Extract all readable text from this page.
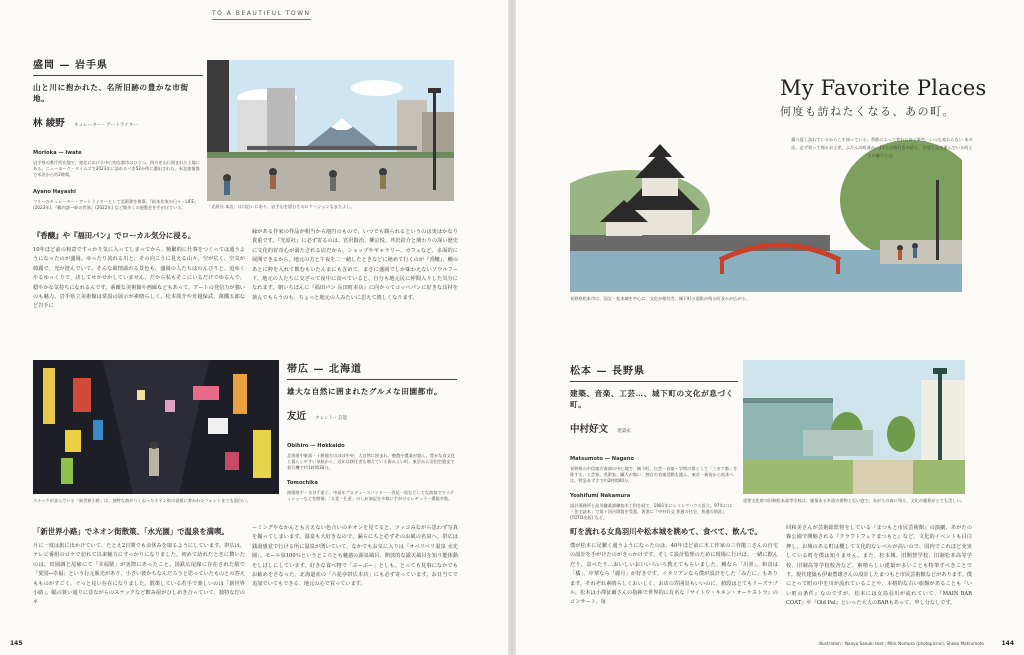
TO A BEAUTIFUL TOWN
盛岡 — 岩手県
山と川に抱かれた、名所旧跡の豊かな市街地。
林 綾野 キュレーター・アートライター
Morioka — Iwate
岩手県の県庁所在地で、東北における中心的な都市のひとつ。四方を山に囲まれた土地にある。ニューヨーク・タイムズで2023年に訪れるべき52か所に選出された。米北旅情都で米沢から約2時間。
Ayano Hayashi
フリーのキュレーター・アートライターとして美術書を執筆。『絵本作家の日々・LIFE』(2023年)、『鶴内説—絵の世界』(2022年) など数多くの展覧会を手がけている。	「光原社 本店」は川沿いにあり、岩手山を望むそのロケーションもまたよし。
『香醸』や『福田パン』でローカル気分に浸る。
10年ほど前の和意ですっかり気に入ってしまってから、頻繁的に仕事をつくっては通うようになったのが盛岡。ゆったり流れる川と、その向こうに見える山々。空が広く、空気が綺麗で、光が澄んでいて。そんな風情溢れる景色も、盛岡の人たちはのんびりと、追ゆくやるゆっくりで、決してせかせかしていません。だから私もそこにいるだけでゆるんで、穏やかな気持ちになれるんです。素敵な美術館や画廊などもあって、アートの発信力が強いのも魅力。岩手県立美術館は常設の展示が素晴らしく、松本竣介や舟越保武、萬鐵五郎など岩手に
縁がある作家の作品が相当から地円のもので、いつでも観られるというのは実はかなり貴重です。『光原社』に必ず寄るのは、宮沢賢治、柳宗悦、芹沢銈介と関わりの深い歴史に文化的好奇心が満たされる店だから。ショップやギャラリー、カフェなど、多面的に展開できるから。地元の方と午夜を二一緒したときなどに絶めて行くのが『香醸』。鰻のあとに粋を入れて飲むもいたんまにも含めて、まさに盛岡でしか味わえないソウルフード。地元の人たちに交ざって夜中に食べていると、自分も地元民に仲間入りした気分になれます。朝いちばんに『福田パン 長田町本店』に向かってコッペパンに好きな具材を挟んでもらうのも、ちょっと地元の人みたいに思えて嬉しくなります。
スナックが並んでいる「新世界小路」は、独特な曲がりくねったネオン街の看板に書かれたフォントまでも面白い。
帯広 — 北海道
雄大な自然に囲まれたグルメな田園都市。
友近 タレント・芸能
Obihiro — Hokkaido
北海道中東部・十勝地方のほぼ中央、大自然に囲まれ、酪農や農業が盛ん。豊かな食文化と暮らしやすい気候から、近年は移住者も増えている街みよい町。東京から羽田空港まで着行機で約1時間30分。
Tomochika
演歌歌手・水谷千重子、中高年プロデュースパイター・西尾一男などしてな演技でマイティショーなどを開催。「太花・扎恵」のしめ演記を多様に手がけるレギュラー番組多数。
「新世界小路」でネオン街散策、「水光園」で温泉を満喫。
月に一度は旅に出かけていて、たとえ2日間でもお休みを取るようにしています。帯広は、テレビ番組のロケで訪れて以来魅力にすっかりになりました。初めて訪れたときに贅いたのは、田園調と尾締にて「幸福駅」が実際にあったこと。国鉄広尾線に存在された駅で「愛国↔幸福」という行元販売があり、小さい彼かちなんだろうと思っていたものとの答えもものがすごく、ぐっと見い存在になりました。散策している若手で楽しいのは「新世界小路」。幅の狭い通りに昔ながらのスナックなど飲み屋がひしめき合っていて、独特な佇のネ
ーミングやなかんとも言えない色合いのネオンを見てると、ツッコみながら思わず写真を撮ってしまいます。温泉も大好きなので、漏らにちと必ずそのお風の名泉へ。帯広は銭湯感覚で行ける所に温泉が湧いていて、なかでもお気に入りは「オベリベリ温泉 水光園」。モール泉100％というところとも魅惑の源泉風呂、開放的な露天風呂を知り能体動をしばしにしています。好きな食べ物で「ぶーぶー」としも。とっても見事になかでもお勧めをさなった、北海道産の「六花亭帯広本店」にも必ず寄っています。お日当てで追加でいてもできる、地元の心で買っています。
145
My Favorite Places
何度も訪ねたくなる、あの町。
繰り返し訪れているからこそ知っている、季節によって変わりゆく景色。いつも変わらない あの店、必ず買って帰るお土産、ふだんの町並み。11人の旅好きが語る、何度も足を運んでいる町とその魅力とは。
長野県松本市は、国宝・松本城を中心に、文化が根付き、城下町の面影が残る町並みが広がる。
松本 — 長野県
建築、音楽、工芸…、城下町の文化が息づく町。
中村好文 建築家
Matsumoto — Nagano
長野県の中信地方南部の中心地で、城下町、白芸・音楽・学問の都として「三ガク都」を称する。工芸家、美術家、職人が集い、独自の音楽活動も盛ん。東京・新宿から松本へは、特急あずさで約2時間40分。
Yoshifumi Nakamura
設計事務所と品川職業訓練校木工科を経て、1981年にレミングハウス設立。97年には「住宅読本」で第十回吉岡賞を受賞。著書に『中村好文 普通の住宅、普通の別荘』(TOTO出版) など。
重要文化財の旧制松本高等学校は、風情ある木造の建物と広い庭で、あがたの森に残る、文化の風景がとても美しい。
町を流れる女鳥羽川や松本城を眺めて、食べて、飲んで。
僕が松本に足繁く通うようになったのは、40年ほど前に木工作家の三谷龍二さんの自宅の設計を手がけたのがきっかけです。そして設計監理のために現場に行けば、一緒に飲んだり、食べたり…おいしいおいいろいろ教えてもらいました。鰻なら「川喜」、和食は「橘」、中華なら「麗月」が好きです。イタリアンなら僕が設計をした「みたに」もあります。それぞれ素晴らしくおいしく、お店の雰囲気もいいのに、値段はとてもリーズナブル。松本は小澤征爾さんの指揮で世界的に有名な『サイトウ・キネン・オーケストラ』のコンサート、毎
回和美さんが芸術総監督をしている『まつもと市民芸術館』の演劇、あがたの森公園で開催される『クラフトフェアまつもと』など、文化的イベントも目白押し。お城のある町は概して文化的なレベルが高いので、国内でこれほど充実している町を僕は知りません。また、松本城、旧開智学校、旧制松本高等学校、旧制高等学校校舎など、素晴らしい建築が多いことも特筆すべきことです。現代建築も伊東豊雄さんの設計したまつもと市民芸術館などがあります。僕にとって町の中を川が流れていることや、本格的な古い旅館があることも『いい町の条件』なのですが、松本には女鳥羽川が流れていて、『MAIN BAR COAT』や『Old Pal』といった大人のBARもあって、申し分なしです。
Illustration : Naoya Sanuki text : Mick Nomura (photopicnic), Shoko Matsumoto	144
